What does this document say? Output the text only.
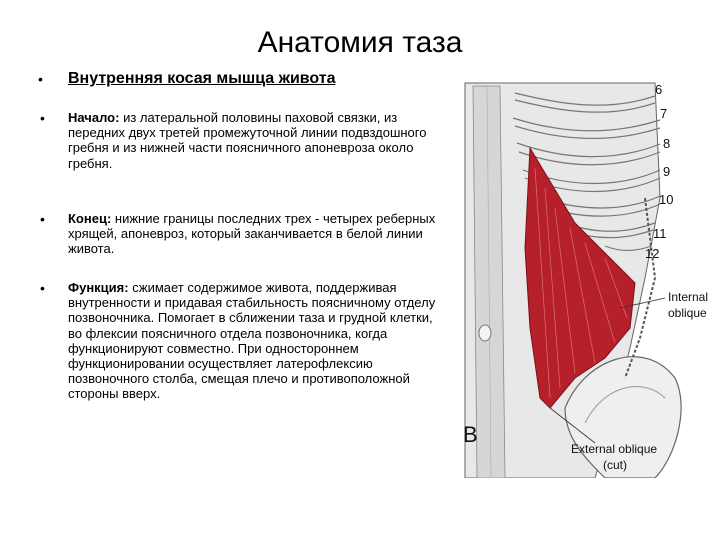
Анатомия таза
• Внутренняя косая мышца живота
• Начало: из латеральной половины паховой связки, из передних двух третей промежуточной линии подвздошного гребня и из нижней части поясничного апоневроза около гребня.
• Конец: нижние границы последних трех - четырех реберных хрящей, апоневроз, который заканчивается в белой линии живота.
• Функция: сжимает содержимое живота, поддерживая внутренности и придавая стабильность поясничному отделу позвоночника. Помогает в сближении таза и грудной клетки, во флексии поясничного отдела позвоночника, когда функционируют совместно. При одностороннем функционировании осуществляет латерофлексию позвоночного столба, смещая плечо и противоположной стороны вверх.
6
7
8
9
10
11
12
Internal
oblique
B
External oblique
(cut)
